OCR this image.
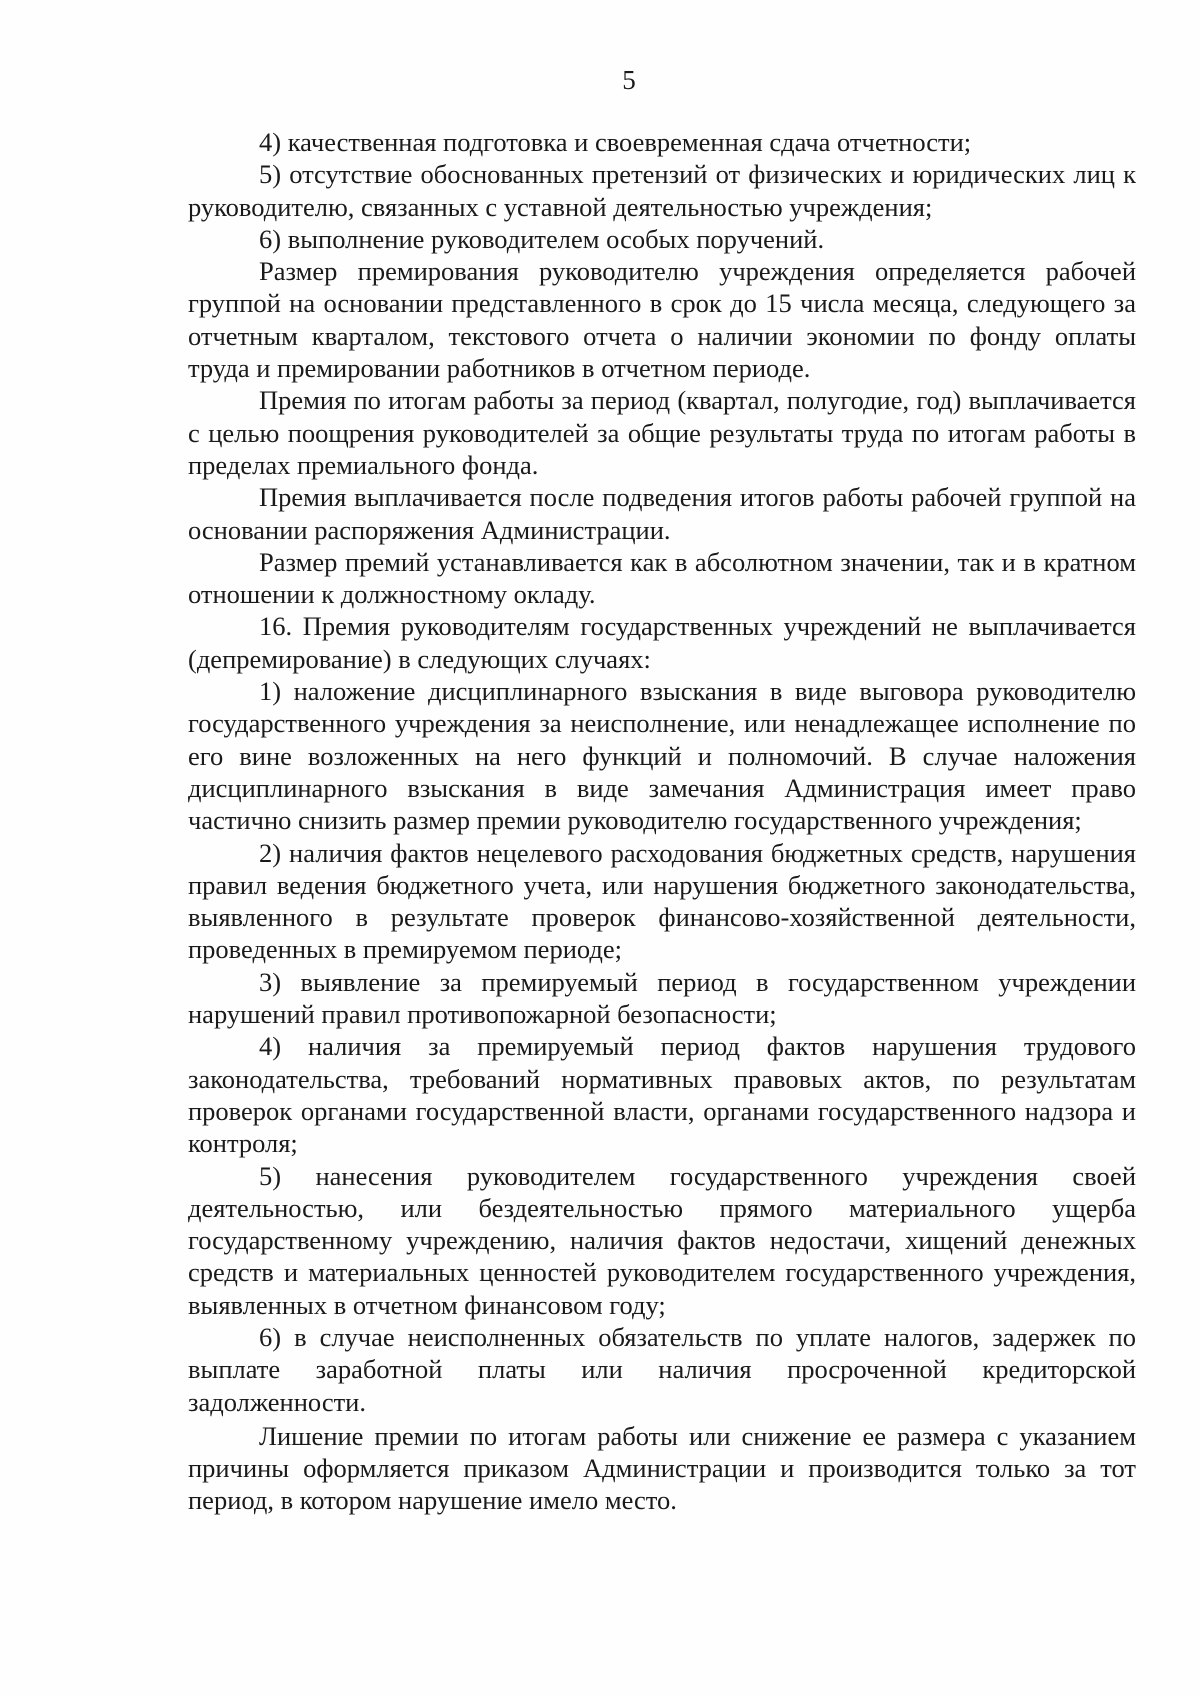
5

4) качественная подготовка и своевременная сдача отчетности;

5) отсутствие обоснованных претензий от физических и юридических лиц к руководителю, связанных с уставной деятельностью учреждения;

6) выполнение руководителем особых поручений.

Размер премирования руководителю учреждения определяется рабочей группой на основании представленного в срок до 15 числа месяца, следующего за отчетным кварталом, текстового отчета о наличии экономии по фонду оплаты труда и премировании работников в отчетном периоде.

Премия по итогам работы за период (квартал, полугодие, год) выплачивается с целью поощрения руководителей за общие результаты труда по итогам работы в пределах премиального фонда.

Премия выплачивается после подведения итогов работы рабочей группой на основании распоряжения Администрации.

Размер премий устанавливается как в абсолютном значении, так и в кратном отношении к должностному окладу.

16. Премия руководителям государственных учреждений не выплачивается (депремирование) в следующих случаях:

1) наложение дисциплинарного взыскания в виде выговора руководителю государственного учреждения за неисполнение, или ненадлежащее исполнение по его вине возложенных на него функций и полномочий. В случае наложения дисциплинарного взыскания в виде замечания Администрация имеет право частично снизить размер премии руководителю государственного учреждения;

2) наличия фактов нецелевого расходования бюджетных средств, нарушения правил ведения бюджетного учета, или нарушения бюджетного законодательства, выявленного в результате проверок финансово-хозяйственной деятельности, проведенных в премируемом периоде;

3) выявление за премируемый период в государственном учреждении нарушений правил противопожарной безопасности;

4) наличия за премируемый период фактов нарушения трудового законодательства, требований нормативных правовых актов, по результатам проверок органами государственной власти, органами государственного надзора и контроля;

5) нанесения руководителем государственного учреждения своей деятельностью, или бездеятельностью прямого материального ущерба государственному учреждению, наличия фактов недостачи, хищений денежных средств и материальных ценностей руководителем государственного учреждения, выявленных в отчетном финансовом году;

6) в случае неисполненных обязательств по уплате налогов, задержек по выплате заработной платы или наличия просроченной кредиторской задолженности.

Лишение премии по итогам работы или снижение ее размера с указанием причины оформляется приказом Администрации и производится только за тот период, в котором нарушение имело место.
